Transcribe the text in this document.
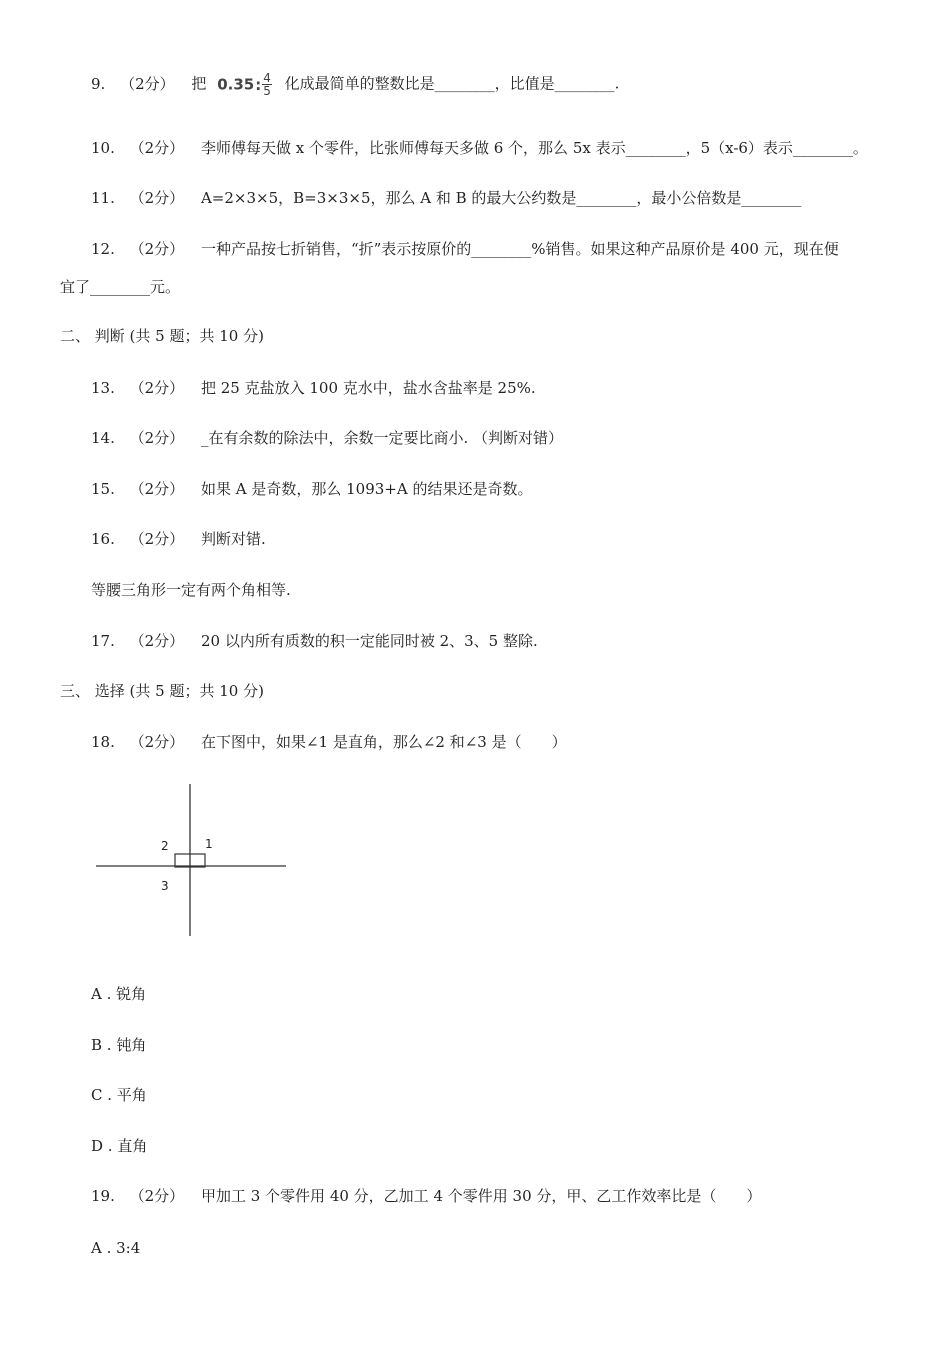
9. （2分） 把 0.35: $\frac{4}{5}$ 化成最简单的整数比是________，比值是________.
10. （2分） 李师傅每天做 x 个零件，比张师傅每天多做 6 个，那么 5x 表示________，5（x-6）表示________。
11. （2分） A=2×3×5，B=3×3×5，那么 A 和 B 的最大公约数是________，最小公倍数是________
12. （2分） 一种产品按七折销售，“折”表示按原价的________%销售。如果这种产品原价是 400 元，现在便
宜了________元。
二、 判断 (共 5 题；共 10 分)
13. （2分） 把 25 克盐放入 100 克水中，盐水含盐率是 25%.
14. （2分） _在有余数的除法中，余数一定要比商小. （判断对错）
15. （2分） 如果 A 是奇数，那么 1093+A 的结果还是奇数。
16. （2分） 判断对错.
等腰三角形一定有两个角相等.
17. （2分） 20 以内所有质数的积一定能同时被 2、3、5 整除.
三、 选择 (共 5 题；共 10 分)
18. （2分） 在下图中，如果∠1 是直角，那么∠2 和∠3 是（　　）
2	1
3
A . 锐角
B . 钝角
C . 平角
D . 直角
19. （2分） 甲加工 3 个零件用 40 分，乙加工 4 个零件用 30 分，甲、乙工作效率比是（　　）
A . 3:4
